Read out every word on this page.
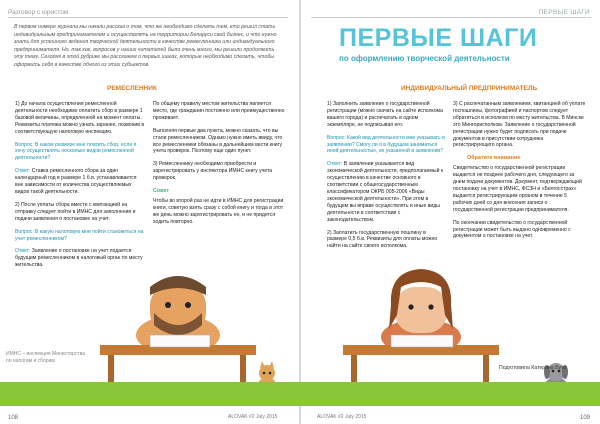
Разговор с юристом

В первом номере журнала мы начали рассказ о том, что же необходимо сделать тем, кто решил стать индивидуальным предпринимателем и осуществлять на территории Беларуси свой бизнес, и что нужно знать для успешного ведения творческой деятельности в качестве ремесленника или индивидуального предпринимателя. Но, так как, вопросов у наших читателей было очень много, мы решили продолжить эту тему. Сегодня в этой рубрике мы расскажем о первых шагах, которые необходимо сделать, чтобы оформить себя в качестве одного из этих субъектов.

РЕМЕСЛЕННИК

1) До начала осуществления ремесленной деятельности необходимо оплатить сбор в размере 1 базовой величины, определенной на момент оплаты. Реквизиты платежа можно узнать заранее, позвонив в соответствующую налоговую инспекцию.

Вопрос: В каком размере мне платить сбор, если я хочу осуществлять несколько видов ремесленной деятельности?

Ответ: Ставка ремесленного сбора за один календарный год в размере 1 б.в. устанавливается вне зависимости от количества осуществляемых видов такой деятельности.

2) После уплаты сбора вместе с квитанцией на отправку следует пойти в ИМНС для заполнения и подачи заявления о постановке на учет.

Вопрос: В какую налоговую мне пойти становиться на учет ремесленником?

Ответ: Заявление о постановке на учет подается будущим ремесленником в налоговый орган по месту жительства.

По общему правилу местом жительства является место, где гражданин постоянно или преимущественно проживает.

Выполняя первые два пункта, можно сказать, что вы стали ремесленником. Однако нужно иметь ввиду, что все ремесленники обязаны в дальнейшем вести книгу учета проверок. Поэтому еще один пункт.

3) Ремесленнику необходимо приобрести и зарегистрировать у инспектора ИМНС книгу учета проверок.

Совет

Чтобы во второй раз не идти в ИМНС для регистрации книги, советую взять сразу с собой книгу и тогда в этот же день можно зарегистрировать ее, и не придется ходить повторно.

ИМНС – инспекция Министерства по налогам и сборам
108	ALOVAK #2 July 2015
ПЕРВЫЕ ШАГИ
ПЕРВЫЕ ШАГИ
по оформлению творческой деятельности
ИНДИВИДУАЛЬНЫЙ ПРЕДПРИНИМАТЕЛЬ

1) Заполнить заявление о государственной регистрации (можно скачать на сайте исполкома вашего города) и распечатать в одном экземпляре, не подписывая его.

Вопрос: Какой вид деятельности мне указывать в заявлении? Смогу ли я в будущем заниматься иной деятельностью, не указанной в заявлении?

Ответ: В заявлении указывается вид экономической деятельности, предполагаемый к осуществлению в качестве основного в соответствии с общегосударственным классификатором ОКРБ 005-2006 «Виды экономической деятельности». При этом в будущем вы вправе осуществлять и иные виды деятельности в соответствии с законодательством.

2) Заплатить государственную пошлину в размере 0,5 б.в. Реквизиты для оплаты можно найти на сайте своего исполкома.

3) С распечатанным заявлением, квитанцией об уплате госпошлины, фотографией и паспортом следует обратиться в исполком по месту жительства. В Минске это Мингорисполком. Заявление о государственной регистрации нужно будет подписать при подаче документов в присутствии сотрудника регистрирующего органа.

Обратите внимание

Свидетельство о государственной регистрации выдается не позднее рабочего дня, следующего за днем подачи документов. Документ, подтверждающий постановку на учет в ИМНС, ФСЗН и «Белгосстрах» выдается регистрирующим органом в течение 5 рабочих дней со дня внесения записи о государственной регистрации предпринимателя.

По окончании свидетельство о государственной регистрации может быть выдано одновременно с документом о постановке на учет.

Подготовила Катерина Буто
ALOVAK #2 July 2015	109
